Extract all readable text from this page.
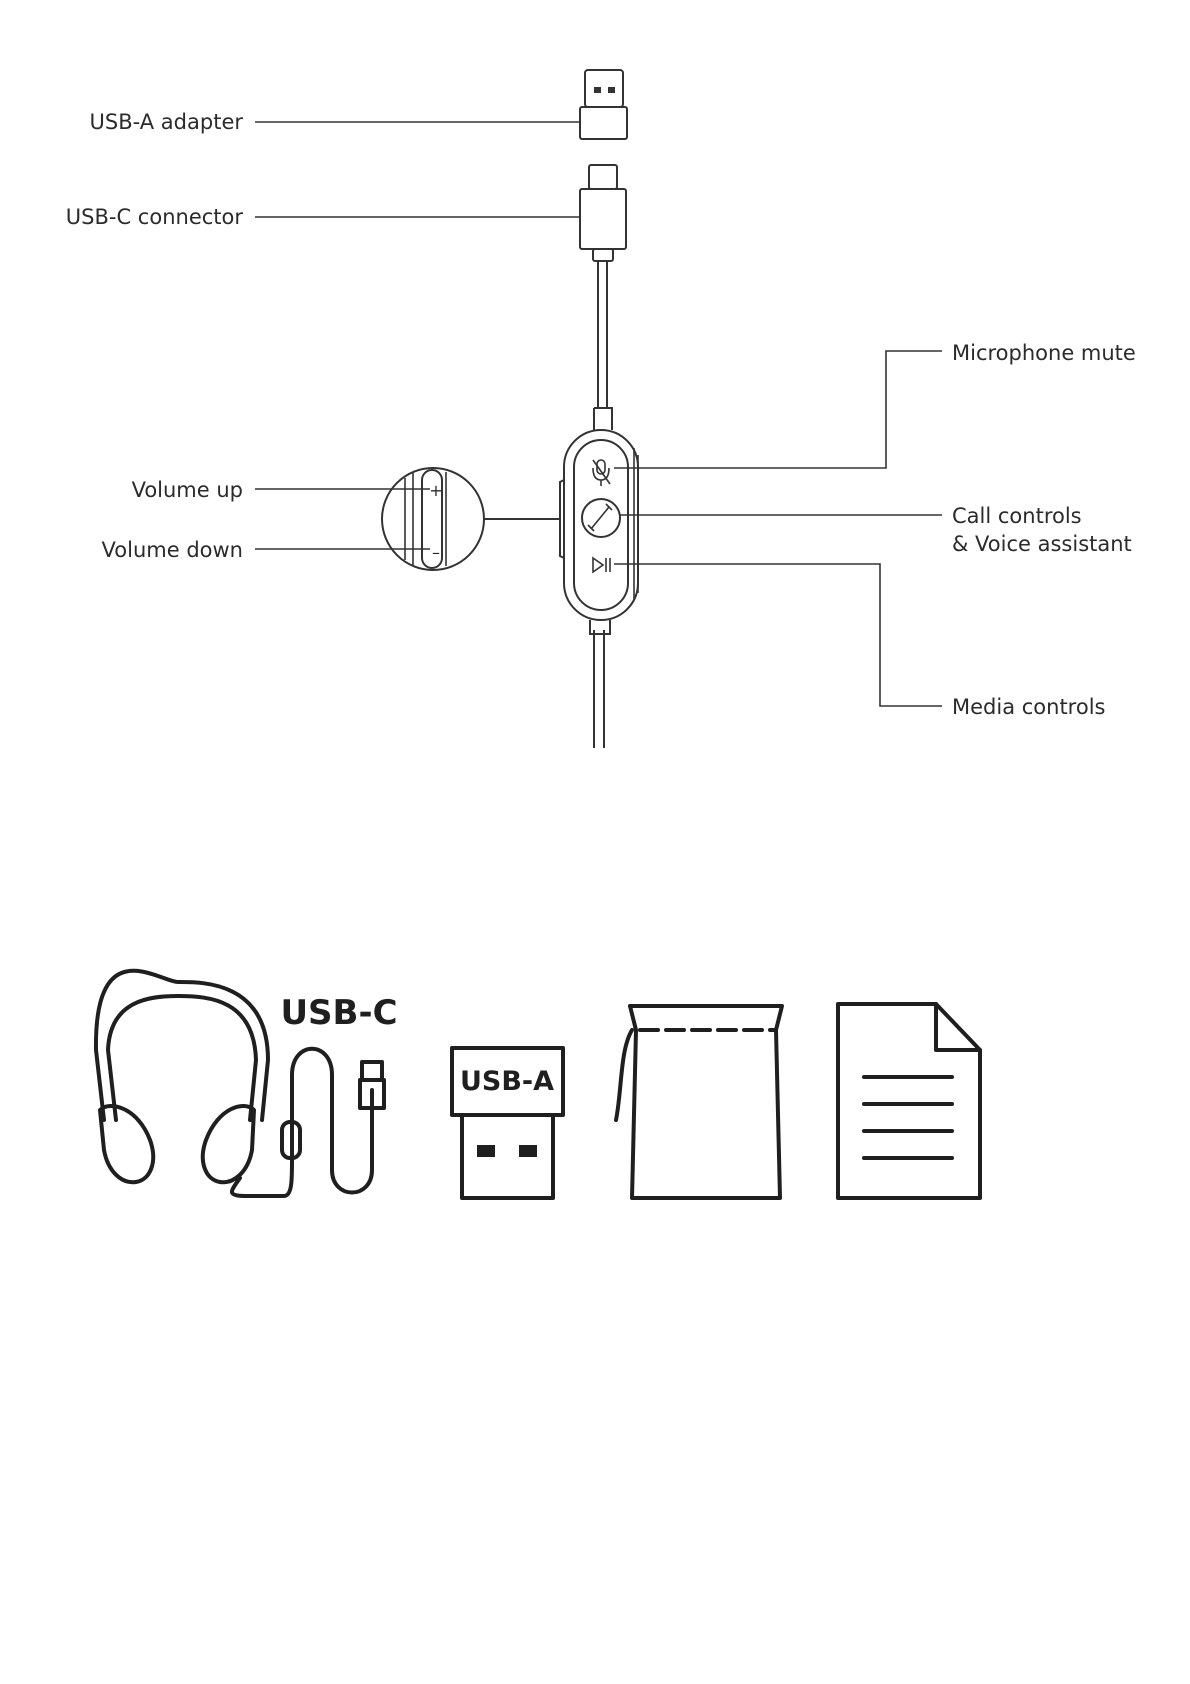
USB-A adapter
USB-C connector
+
–
Volume up
Volume down
Microphone mute
Call controls
& Voice assistant
Media controls
USB-C
USB-A
